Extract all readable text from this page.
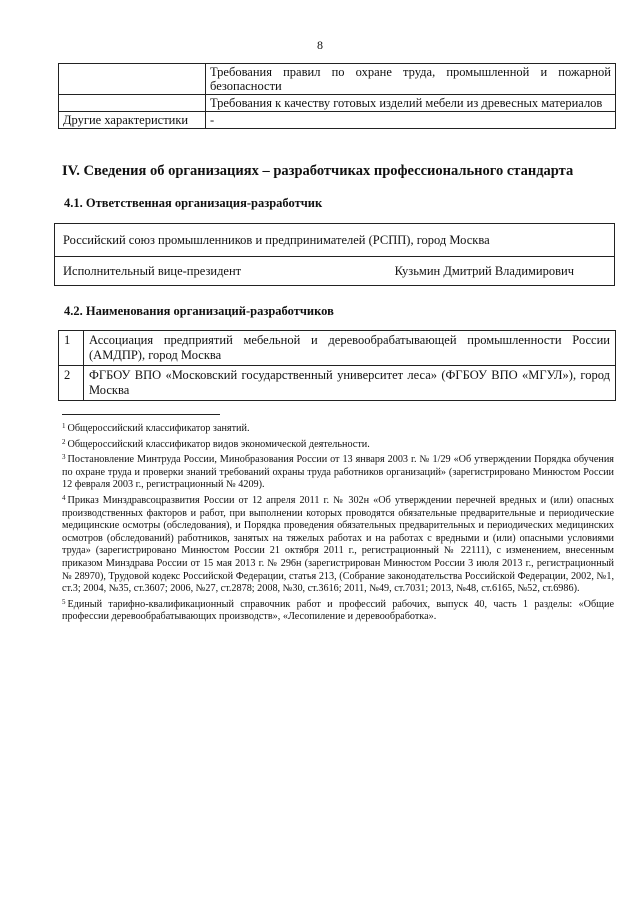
8
	Требования правил по охране труда, промышленной и пожарной безопасности
	Требования к качеству готовых изделий мебели из древесных материалов
Другие характеристики	-
IV. Сведения об организациях – разработчиках профессионального стандарта
4.1. Ответственная организация-разработчик
Российский союз промышленников и предпринимателей (РСПП), город Москва

Исполнительный вице-президент	Кузьмин Дмитрий Владимирович
4.2. Наименования организаций-разработчиков
1	Ассоциация предприятий мебельной и деревообрабатывающей промышленности России (АМДПР), город Москва
2	ФГБОУ ВПО «Московский государственный университет леса» (ФГБОУ ВПО «МГУЛ»), город Москва

$^1$ Общероссийский классификатор занятий.

$^2$ Общероссийский классификатор видов экономической деятельности.

$^3$ Постановление Минтруда России, Минобразования России от 13 января 2003 г. № 1/29 «Об утверждении Порядка обучения по охране труда и проверки знаний требований охраны труда работников организаций» (зарегистрировано Минюстом России 12 февраля 2003 г., регистрационный № 4209).

$^4$ Приказ Минздравсоцразвития России от 12 апреля 2011 г. № 302н «Об утверждении перечней вредных и (или) опасных производственных факторов и работ, при выполнении которых проводятся обязательные предварительные и периодические медицинские осмотры (обследования), и Порядка проведения обязательных предварительных и периодических медицинских осмотров (обследований) работников, занятых на тяжелых работах и на работах с вредными и (или) опасными условиями труда» (зарегистрировано Минюстом России 21 октября 2011 г., регистрационный № 22111), с изменением, внесенным приказом Минздрава России от 15 мая 2013 г. № 296н (зарегистрирован Минюстом России 3 июля 2013 г., регистрационный № 28970), Трудовой кодекс Российской Федерации, статья 213, (Собрание законодательства Российской Федерации, 2002, №1, ст.3; 2004, №35, ст.3607; 2006, №27, ст.2878; 2008, №30, ст.3616; 2011, №49, ст.7031; 2013, №48, ст.6165, №52, ст.6986).

$^5$ Единый тарифно-квалификационный справочник работ и профессий рабочих, выпуск 40, часть 1 разделы: «Общие профессии деревообрабатывающих производств», «Лесопиление и деревообработка».
